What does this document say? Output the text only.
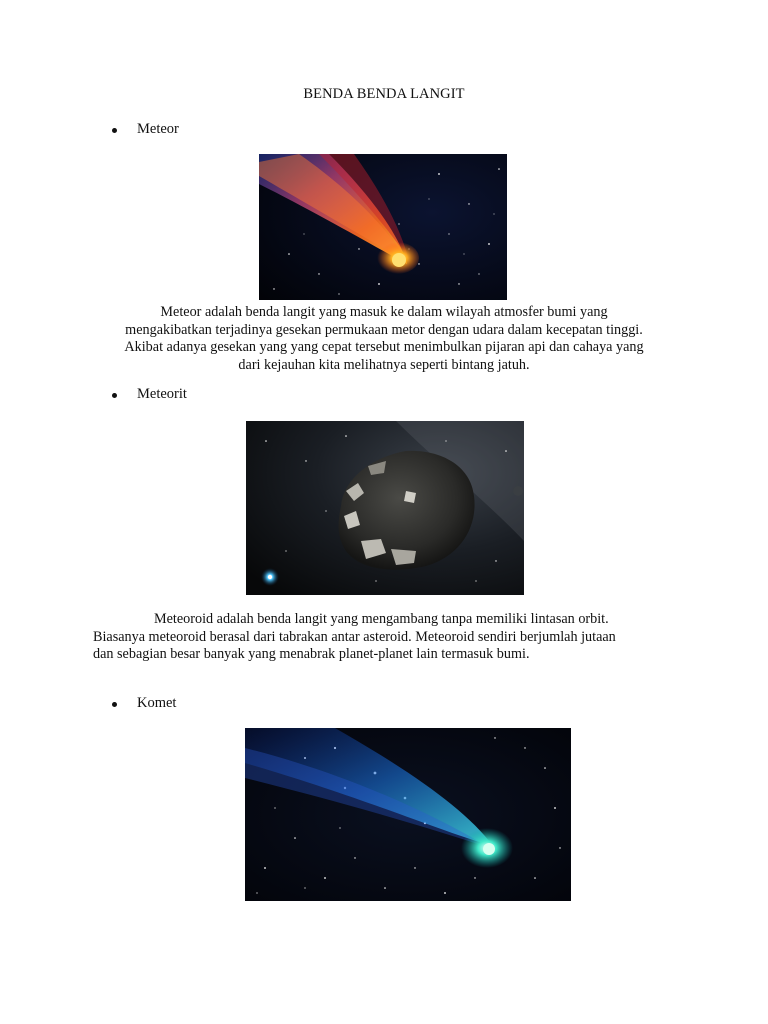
BENDA BENDA LANGIT
Meteor

Meteor adalah benda langit yang masuk ke dalam wilayah atmosfer bumi yang

mengakibatkan terjadinya gesekan permukaan metor dengan udara dalam kecepatan tinggi.

Akibat adanya gesekan yang yang cepat tersebut menimbulkan pijaran api dan cahaya yang

dari kejauhan kita melihatnya seperti bintang jatuh.

Meteorit

Meteoroid adalah benda langit yang mengambang tanpa memiliki lintasan orbit.

Biasanya meteoroid berasal dari tabrakan antar asteroid. Meteoroid sendiri berjumlah jutaan

dan sebagian besar banyak yang menabrak planet-planet lain termasuk bumi.

Komet
